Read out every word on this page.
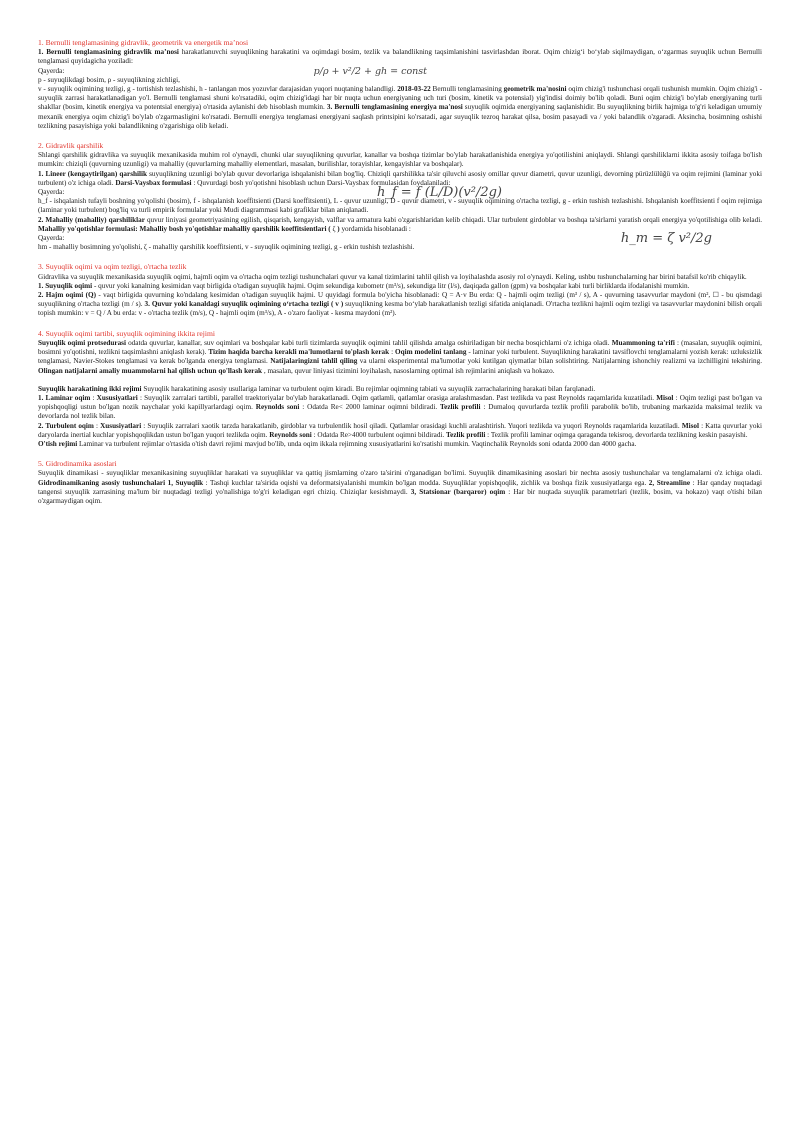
1. Bernulli tenglamasining gidravlik, geometrik va energetik ma’nosi

1. Bernulli tenglamasining gidravlik ma’nosi harakatlanuvchi suyuqlikning harakatini va oqimdagi bosim, tezlik va balandlikning taqsimlanishini tasvirlashdan iborat. Oqim chizig‘i bo‘ylab siqilmaydigan, o‘zgarmas suyuqlik uchun Bernulli tenglamasi quyidagicha yoziladi:

Qayerda:	p/ρ + v²/2 + gh = const

p - suyuqlikdagi bosim, ρ - suyuqlikning zichligi,

v - suyuqlik oqimining tezligi, g - tortishish tezlashishi, h - tanlangan mos yozuvlar darajasidan yuqori nuqtaning balandligi. 2018-03-22 Bernulli tenglamasining geometrik ma'nosini oqim chizig'i tushunchasi orqali tushunish mumkin. Oqim chizig'i - suyuqlik zarrasi harakatlanadigan yo'l. Bernulli tenglamasi shuni ko'rsatadiki, oqim chizig'idagi har bir nuqta uchun energiyaning uch turi (bosim, kinetik va potensial) yig'indisi doimiy bo'lib qoladi. Buni oqim chizig'i bo'ylab energiyaning turli shakllar (bosim, kinetik energiya va potentsial energiya) o'rtasida aylanishi deb hisoblash mumkin. 3. Bernulli tenglamasining energiya ma'nosi suyuqlik oqimida energiyaning saqlanishidir. Bu suyuqlikning birlik hajmiga to'g'ri keladigan umumiy mexanik energiya oqim chizig'i bo'ylab o'zgarmasligini ko'rsatadi. Bernulli energiya tenglamasi energiyani saqlash printsipini ko'rsatadi, agar suyuqlik tezroq harakat qilsa, bosim pasayadi va / yoki balandlik o'zgaradi. Aksincha, bosimning oshishi tezlikning pasayishiga yoki balandlikning o'zgarishiga olib keladi.

2. Gidravlik qarshilik

Shlangi qarshilik gidravlika va suyuqlik mexanikasida muhim rol o'ynaydi, chunki ular suyuqlikning quvurlar, kanallar va boshqa tizimlar bo'ylab harakatlanishida energiya yo'qotilishini aniqlaydi. Shlangi qarshiliklarni ikkita asosiy toifaga bo'lish mumkin: chiziqli (quvurning uzunligi) va mahalliy (quvurlarning mahalliy elementlari, masalan, burilishlar, torayishlar, kengayishlar va boshqalar).

1. Lineer (kengaytirilgan) qarshilik suyuqlikning uzunligi bo'ylab quvur devorlariga ishqalanishi bilan bog'liq. Chiziqli qarshilikka ta'sir qiluvchi asosiy omillar quvur diametri, quvur uzunligi, devorning pürüzlülüğü va oqim rejimini (laminar yoki turbulent) o'z ichiga oladi. Darsi-Vaysbax formulasi : Quvurdagi bosh yo'qotishni hisoblash uchun Darsi-Vaysbax formulasidan foydalaniladi:

Qayerda:	h_f = f (L/D)(v²/2g)

h_f - ishqalanish tufayli boshning yo'qolishi (bosim), f - ishqalanish koeffitsienti (Darsi koeffitsienti), L - quvur uzunligi, D - quvur diametri, v - suyuqlik oqimining o'rtacha tezligi, g - erkin tushish tezlashishi. Ishqalanish koeffitsienti f oqim rejimiga (laminar yoki turbulent) bog'liq va turli empirik formulalar yoki Mudi diagrammasi kabi grafiklar bilan aniqlanadi.

2. Mahalliy (mahalliy) qarshiliklar quvur liniyasi geometriyasining egilish, qisqarish, kengayish, valflar va armatura kabi o'zgarishlaridan kelib chiqadi. Ular turbulent girdoblar va boshqa ta'sirlarni yaratish orqali energiya yo'qotilishiga olib keladi. Mahalliy yo'qotishlar formulasi: Mahalliy bosh yo'qotishlar mahalliy qarshilik koeffitsientlari ( ζ ) yordamida hisoblanadi :

Qayerda:	h_m = ζ v²/2g

hm - mahalliy bosimning yo'qolishi, ζ - mahalliy qarshilik koeffitsienti, v - suyuqlik oqimining tezligi, g - erkin tushish tezlashishi.

3. Suyuqlik oqimi va oqim tezligi, o'rtacha tezlik

Gidravlika va suyuqlik mexanikasida suyuqlik oqimi, hajmli oqim va o'rtacha oqim tezligi tushunchalari quvur va kanal tizimlarini tahlil qilish va loyihalashda asosiy rol o'ynaydi. Keling, ushbu tushunchalarning har birini batafsil ko'rib chiqaylik.

1. Suyuqlik oqimi - quvur yoki kanalning kesimidan vaqt birligida o'tadigan suyuqlik hajmi. Oqim sekundiga kubometr (m³/s), sekundiga litr (l/s), daqiqada gallon (gpm) va boshqalar kabi turli birliklarda ifodalanishi mumkin.

2. Hajm oqimi (Q) - vaqt birligida quvurning ko'ndalang kesimidan o'tadigan suyuqlik hajmi. U quyidagi formula bo'yicha hisoblanadi: Q = A·v Bu erda: Q - hajmli oqim tezligi (m³ / s), A - quvurning tasavvurlar maydoni (m², ☐ - bu qismdagi suyuqlikning o'rtacha tezligi (m / s). 3. Quvur yoki kanaldagi suyuqlik oqimining o‘rtacha tezligi ( v ) suyuqlikning kesma bo‘ylab harakatlanish tezligi sifatida aniqlanadi. O'rtacha tezlikni hajmli oqim tezligi va tasavvurlar maydonini bilish orqali topish mumkin: v = Q / A bu erda: v - o'rtacha tezlik (m/s), Q - hajmli oqim (m³/s), A - o'zaro faoliyat - kesma maydoni (m²).

4. Suyuqlik oqimi tartibi, suyuqlik oqimining ikkita rejimi

Suyuqlik oqimi protsedurasi odatda quvurlar, kanallar, suv oqimlari va boshqalar kabi turli tizimlarda suyuqlik oqimini tahlil qilishda amalga oshiriladigan bir necha bosqichlarni o'z ichiga oladi. Muammoning ta'rifi : (masalan, suyuqlik oqimini, bosimni yo'qotishni, tezlikni taqsimlashni aniqlash kerak). Tizim haqida barcha kerakli ma'lumotlarni to'plash kerak : Oqim modelini tanlang - laminar yoki turbulent. Suyuqlikning harakatini tavsiflovchi tenglamalarni yozish kerak: uzluksizlik tenglamasi, Navier-Stokes tenglamasi va kerak bo'lganda energiya tenglamasi. Natijalaringizni tahlil qiling va ularni eksperimental ma'lumotlar yoki kutilgan qiymatlar bilan solishtiring. Natijalarning ishonchiy realizmi va izchilligini tekshiring. Olingan natijalarni amaliy muammolarni hal qilish uchun qo'llash kerak , masalan, quvur liniyasi tizimini loyihalash, nasoslarning optimal ish rejimlarini aniqlash va hokazo.

Suyuqlik harakatining ikki rejimi Suyuqlik harakatining asosiy usullariga laminar va turbulent oqim kiradi. Bu rejimlar oqimning tabiati va suyuqlik zarrachalarining harakati bilan farqlanadi.

1. Laminar oqim : Xususiyatlari : Suyuqlik zarralari tartibli, parallel traektoriyalar bo'ylab harakatlanadi. Oqim qatlamli, qatlamlar orasiga aralashmasdan. Past tezlikda va past Reynolds raqamlarida kuzatiladi. Misol : Oqim tezligi past bo'lgan va yopishqoqligi ustun bo'lgan nozik naychalar yoki kapillyarlardagi oqim. Reynolds soni : Odatda Re< 2000 laminar oqimni bildiradi. Tezlik profili : Dumaloq quvurlarda tezlik profili parabolik bo'lib, trubaning markazida maksimal tezlik va devorlarda nol tezlik bilan.

2. Turbulent oqim : Xususiyatlari : Suyuqlik zarralari xaotik tarzda harakatlanib, girdoblar va turbulentlik hosil qiladi. Qatlamlar orasidagi kuchli aralashtirish. Yuqori tezlikda va yuqori Reynolds raqamlarida kuzatiladi. Misol : Katta quvurlar yoki daryolarda inertial kuchlar yopishqoqlikdan ustun bo'lgan yuqori tezlikda oqim. Reynolds soni : Odatda Re>4000 turbulent oqimni bildiradi. Tezlik profili : Tezlik profili laminar oqimga qaraganda tekisroq, devorlarda tezlikning keskin pasayishi.

O'tish rejimi Laminar va turbulent rejimlar o'rtasida o'tish davri rejimi mavjud bo'lib, unda oqim ikkala rejimning xususiyatlarini ko'rsatishi mumkin. Vaqtinchalik Reynolds soni odatda 2000 dan 4000 gacha.

5. Gidrodinamika asoslari

Suyuqlik dinamikasi - suyuqliklar mexanikasining suyuqliklar harakati va suyuqliklar va qattiq jismlarning o'zaro ta'sirini o'rganadigan bo'limi. Suyuqlik dinamikasining asoslari bir nechta asosiy tushunchalar va tenglamalarni o'z ichiga oladi. Gidrodinamikaning asosiy tushunchalari 1, Suyuqlik : Tashqi kuchlar ta'sirida oqishi va deformatsiyalanishi mumkin bo'lgan modda. Suyuqliklar yopishqoqlik, zichlik va boshqa fizik xususiyatlarga ega. 2, Streamline : Har qanday nuqtadagi tangensi suyuqlik zarrasining ma'lum bir nuqtadagi tezligi yo'nalishiga to'g'ri keladigan egri chiziq. Chiziqlar kesishmaydi. 3, Statsionar (barqaror) oqim : Har bir nuqtada suyuqlik parametrlari (tezlik, bosim, va hokazo) vaqt o'tishi bilan o'zgarmaydigan oqim.
